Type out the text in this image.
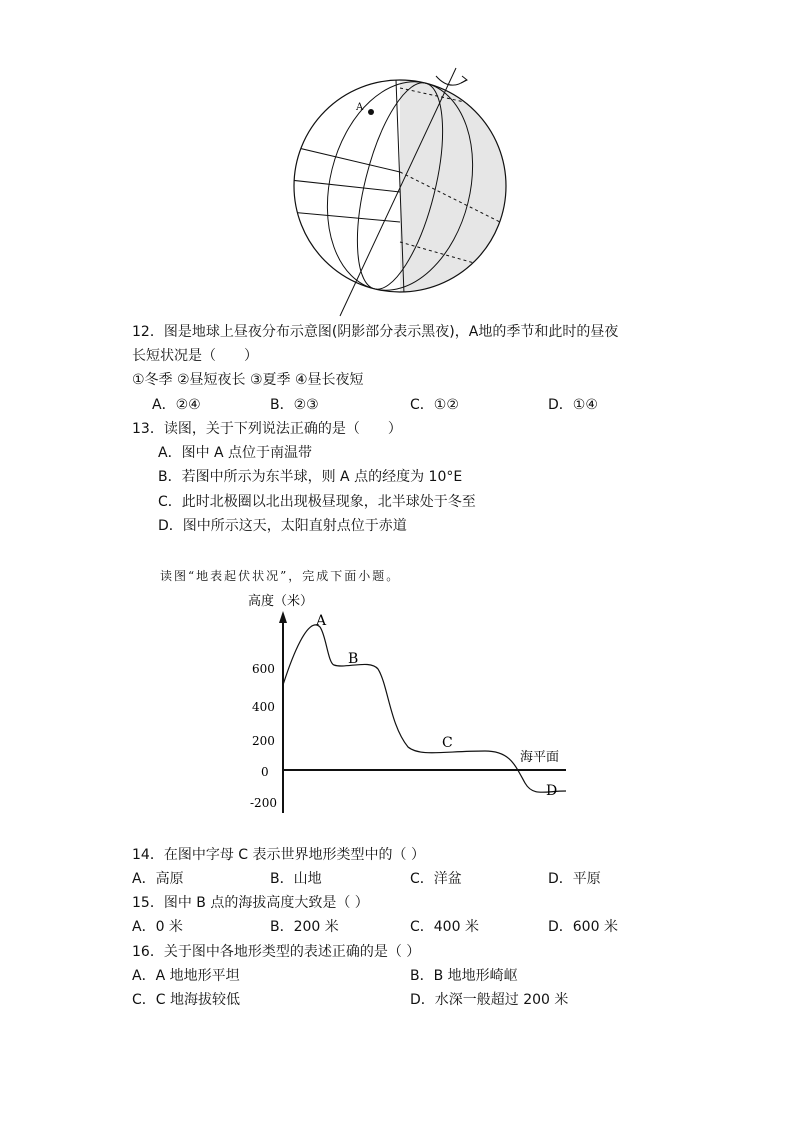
A
12．图是地球上昼夜分布示意图(阴影部分表示黑夜)，A地的季节和此时的昼夜
长短状况是（　　）
①冬季 ②昼短夜长 ③夏季 ④昼长夜短
A．②④	B．②③	C．①②	D．①④
13．读图，关于下列说法正确的是（　　）
A．图中 A 点位于南温带
B．若图中所示为东半球，则 A 点的经度为 10°E
C．此时北极圈以北出现极昼现象，北半球处于冬至
D．图中所示这天，太阳直射点位于赤道
读图“地表起伏状况”，完成下面小题。
高度（米）
600
400
200
0
-200
A
B
C
D
海平面
14．在图中字母 C 表示世界地形类型中的（ ）
A．高原	B．山地	C．洋盆	D．平原
15．图中 B 点的海拔高度大致是（ ）
A．0 米	B．200 米	C．400 米	D．600 米
16．关于图中各地形类型的表述正确的是（ ）
A．A 地地形平坦	B．B 地地形崎岖
C．C 地海拔较低	D．水深一般超过 200 米
